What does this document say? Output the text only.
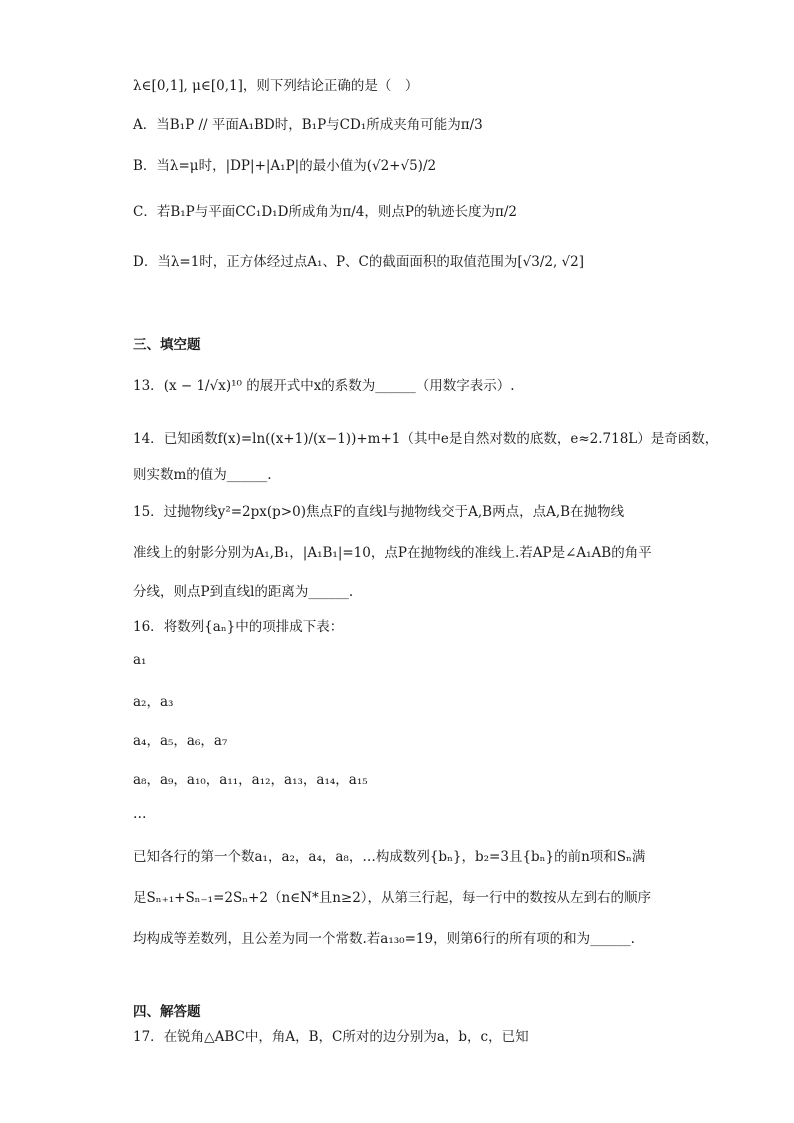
λ∈[0,1], μ∈[0,1]，则下列结论正确的是（　）
A．当B₁P // 平面A₁BD时，B₁P与CD₁所成夹角可能为π/3
B．当λ=μ时，|DP|+|A₁P|的最小值为(√2+√5)/2
C．若B₁P与平面CC₁D₁D所成角为π/4，则点P的轨迹长度为π/2
D．当λ=1时，正方体经过点A₁、P、C的截面面积的取值范围为[√3/2, √2]
三、填空题
13．(x − 1/√x)¹⁰ 的展开式中x的系数为______（用数字表示）.
14．已知函数f(x)=ln((x+1)/(x−1))+m+1（其中e是自然对数的底数，e≈2.718L）是奇函数，
则实数m的值为______.
15．过抛物线y²=2px(p>0)焦点F的直线l与抛物线交于A,B两点，点A,B在抛物线
准线上的射影分别为A₁,B₁，|A₁B₁|=10，点P在抛物线的准线上.若AP是∠A₁AB的角平
分线，则点P到直线l的距离为______.
16．将数列{aₙ}中的项排成下表：
a₁
a₂，a₃
a₄，a₅，a₆，a₇
a₈，a₉，a₁₀，a₁₁，a₁₂，a₁₃，a₁₄，a₁₅
…
已知各行的第一个数a₁，a₂，a₄，a₈，…构成数列{bₙ}，b₂=3且{bₙ}的前n项和Sₙ满
足Sₙ₊₁+Sₙ₋₁=2Sₙ+2（n∈N*且n≥2），从第三行起，每一行中的数按从左到右的顺序
均构成等差数列，且公差为同一个常数.若a₁₃₀=19，则第6行的所有项的和为______.
四、解答题
17．在锐角△ABC中，角A，B，C所对的边分别为a，b，c，已知
